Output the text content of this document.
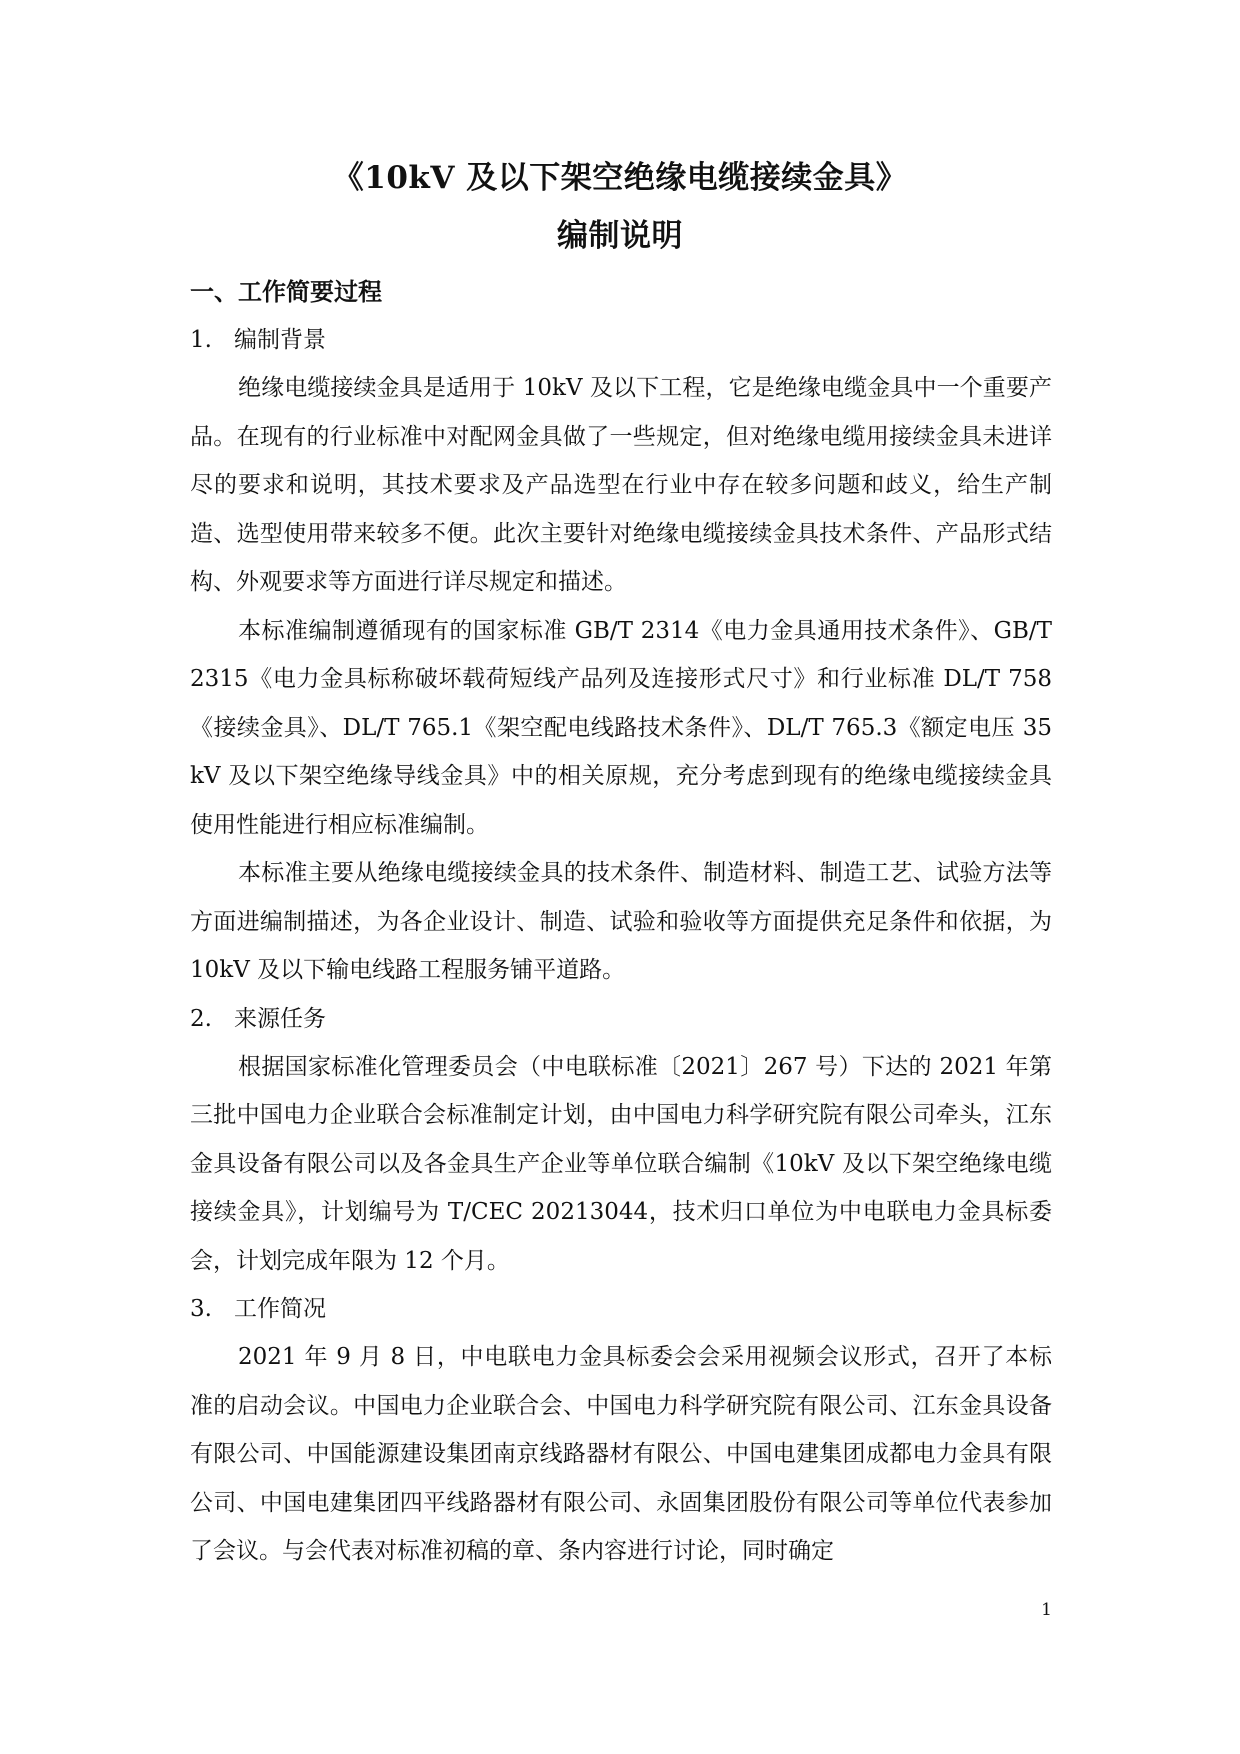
《10kV 及以下架空绝缘电缆接续金具》
编制说明
一、工作简要过程
1. 编制背景

绝缘电缆接续金具是适用于 10kV 及以下工程，它是绝缘电缆金具中一个重要产品。在现有的行业标准中对配网金具做了一些规定，但对绝缘电缆用接续金具未进详尽的要求和说明，其技术要求及产品选型在行业中存在较多问题和歧义，给生产制造、选型使用带来较多不便。此次主要针对绝缘电缆接续金具技术条件、产品形式结构、外观要求等方面进行详尽规定和描述。

本标准编制遵循现有的国家标准 GB/T 2314《电力金具通用技术条件》、GB/T 2315《电力金具标称破坏载荷短线产品列及连接形式尺寸》和行业标准 DL/T 758《接续金具》、DL/T 765.1《架空配电线路技术条件》、DL/T 765.3《额定电压 35kV 及以下架空绝缘导线金具》中的相关原规，充分考虑到现有的绝缘电缆接续金具使用性能进行相应标准编制。

本标准主要从绝缘电缆接续金具的技术条件、制造材料、制造工艺、试验方法等方面进编制描述，为各企业设计、制造、试验和验收等方面提供充足条件和依据，为 10kV 及以下输电线路工程服务铺平道路。

2. 来源任务

根据国家标准化管理委员会（中电联标准〔2021〕267 号）下达的 2021 年第三批中国电力企业联合会标准制定计划，由中国电力科学研究院有限公司牵头，江东金具设备有限公司以及各金具生产企业等单位联合编制《10kV 及以下架空绝缘电缆接续金具》，计划编号为 T/CEC 20213044，技术归口单位为中电联电力金具标委会，计划完成年限为 12 个月。

3. 工作简况

2021 年 9 月 8 日，中电联电力金具标委会会采用视频会议形式，召开了本标准的启动会议。中国电力企业联合会、中国电力科学研究院有限公司、江东金具设备有限公司、中国能源建设集团南京线路器材有限公、中国电建集团成都电力金具有限公司、中国电建集团四平线路器材有限公司、永固集团股份有限公司等单位代表参加了会议。与会代表对标准初稿的章、条内容进行讨论，同时确定

1
